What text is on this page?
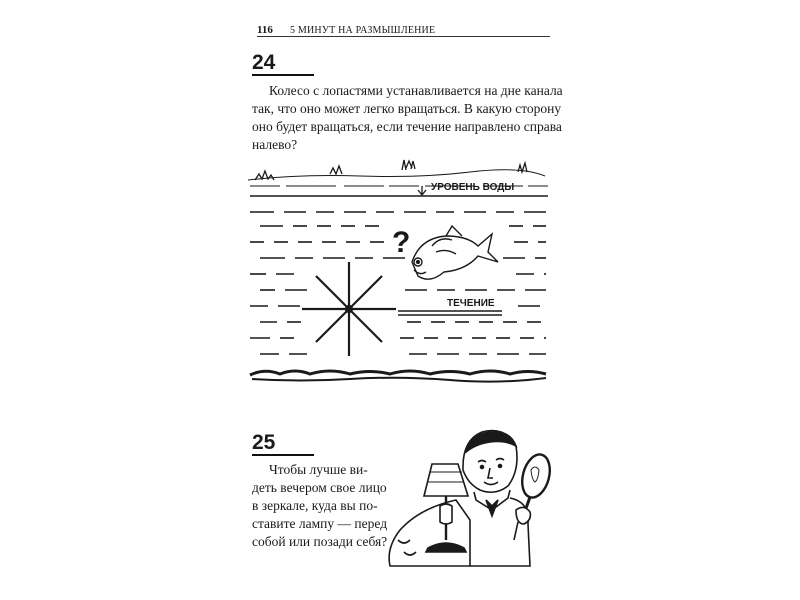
116	5 МИНУТ НА РАЗМЫШЛЕНИЕ
24

Колесо с лопастями устанавливается на дне канала

так, что оно может легко вращаться. В какую сторону

оно будет вращаться, если течение направлено справа

налево?

УРОВЕНЬ ВОДЫ
ТЕЧЕНИЕ
?
25

Чтобы лучше ви-

деть вечером свое лицо

в зеркале, куда вы по-

ставите лампу — перед

собой или позади себя?
